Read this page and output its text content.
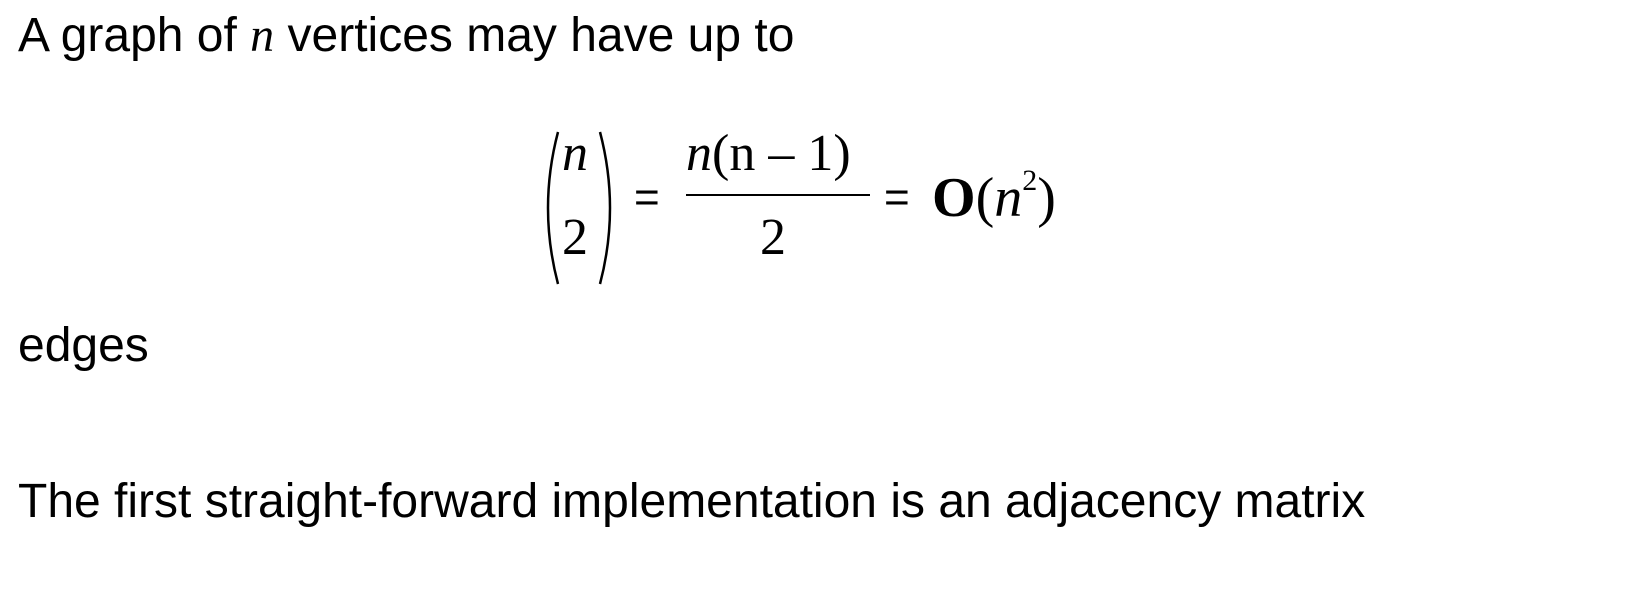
A graph of n vertices may have up to
n
2
=
n(n – 1)
2
= $O(n^2)$
edges
The first straight-forward implementation is an adjacency matrix
